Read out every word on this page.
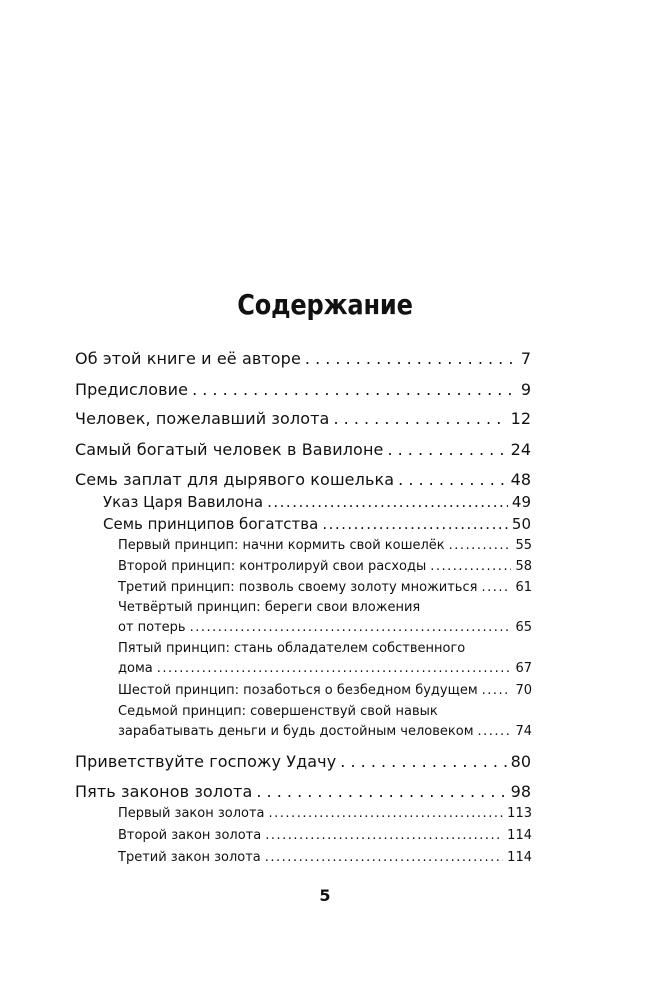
Содержание
Об этой книге и её авторе . . .	7
Предисловие . . .	9
Человек, пожелавший золота . . .	12
Самый богатый человек в Вавилоне . . .	24
Семь заплат для дырявого кошелька . . .	48
Указ Царя Вавилона .....	49
Семь принципов богатства .....	50
Первый принцип: начни кормить свой кошелёк .....	55
Второй принцип: контролируй свои расходы .....	58
Третий принцип: позволь своему золоту множиться .....	61
Четвёртый принцип: береги свои вложения
от потерь .....	65
Пятый принцип: стань обладателем собственного
дома .....	67
Шестой принцип: позаботься о безбедном будущем .....	70
Седьмой принцип: совершенствуй свой навык
зарабатывать деньги и будь достойным человеком .....	74
Приветствуйте госпожу Удачу . . .	80
Пять законов золота . . .	98
Первый закон золота .....	113
Второй закон золота .....	114
Третий закон золота .....	114
5
